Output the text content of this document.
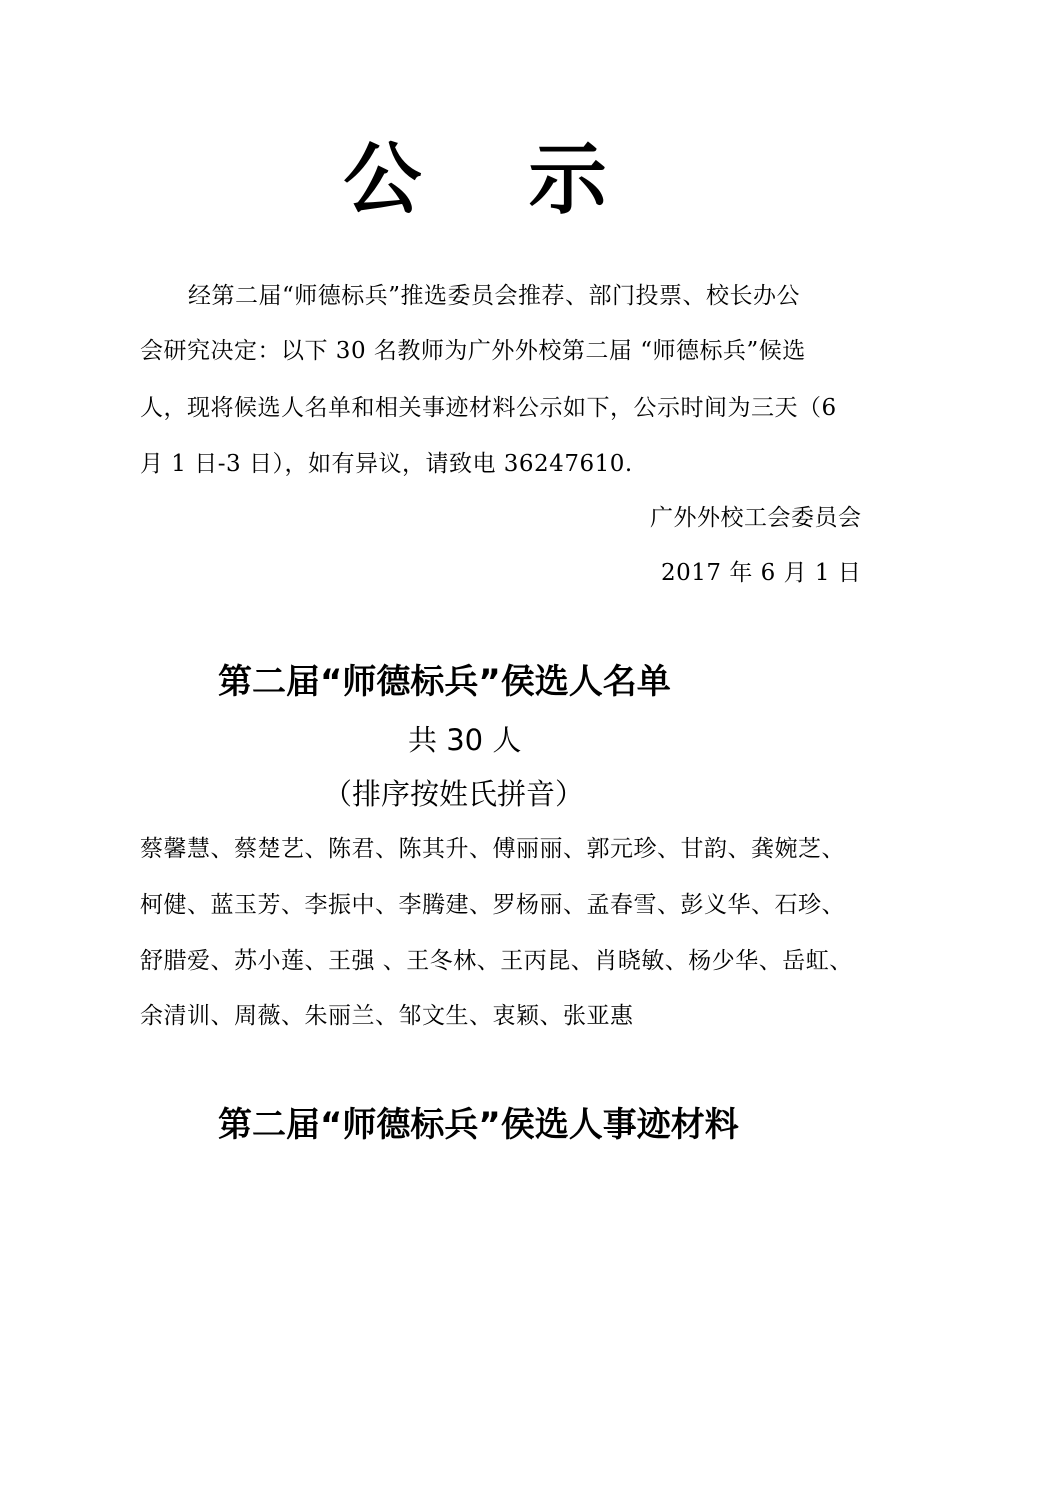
公 示
经第二届“师德标兵”推选委员会推荐、部门投票、校长办公
会研究决定：以下 30 名教师为广外外校第二届 “师德标兵”候选
人，现将候选人名单和相关事迹材料公示如下，公示时间为三天（6
月 1 日-3 日），如有异议，请致电 36247610.
广外外校工会委员会
2017 年 6 月 1 日
第二届“师德标兵”侯选人名单
共 30 人
（排序按姓氏拼音）
蔡馨慧、蔡楚艺、陈君、陈其升、傅丽丽、郭元珍、甘韵、龚婉芝、
柯健、蓝玉芳、李振中、李腾建、罗杨丽、孟春雪、彭义华、石珍、
舒腊爱、苏小莲、王强 、王冬林、王丙昆、肖晓敏、杨少华、岳虹、
余清训、周薇、朱丽兰、邹文生、衷颖、张亚惠
第二届“师德标兵”侯选人事迹材料
